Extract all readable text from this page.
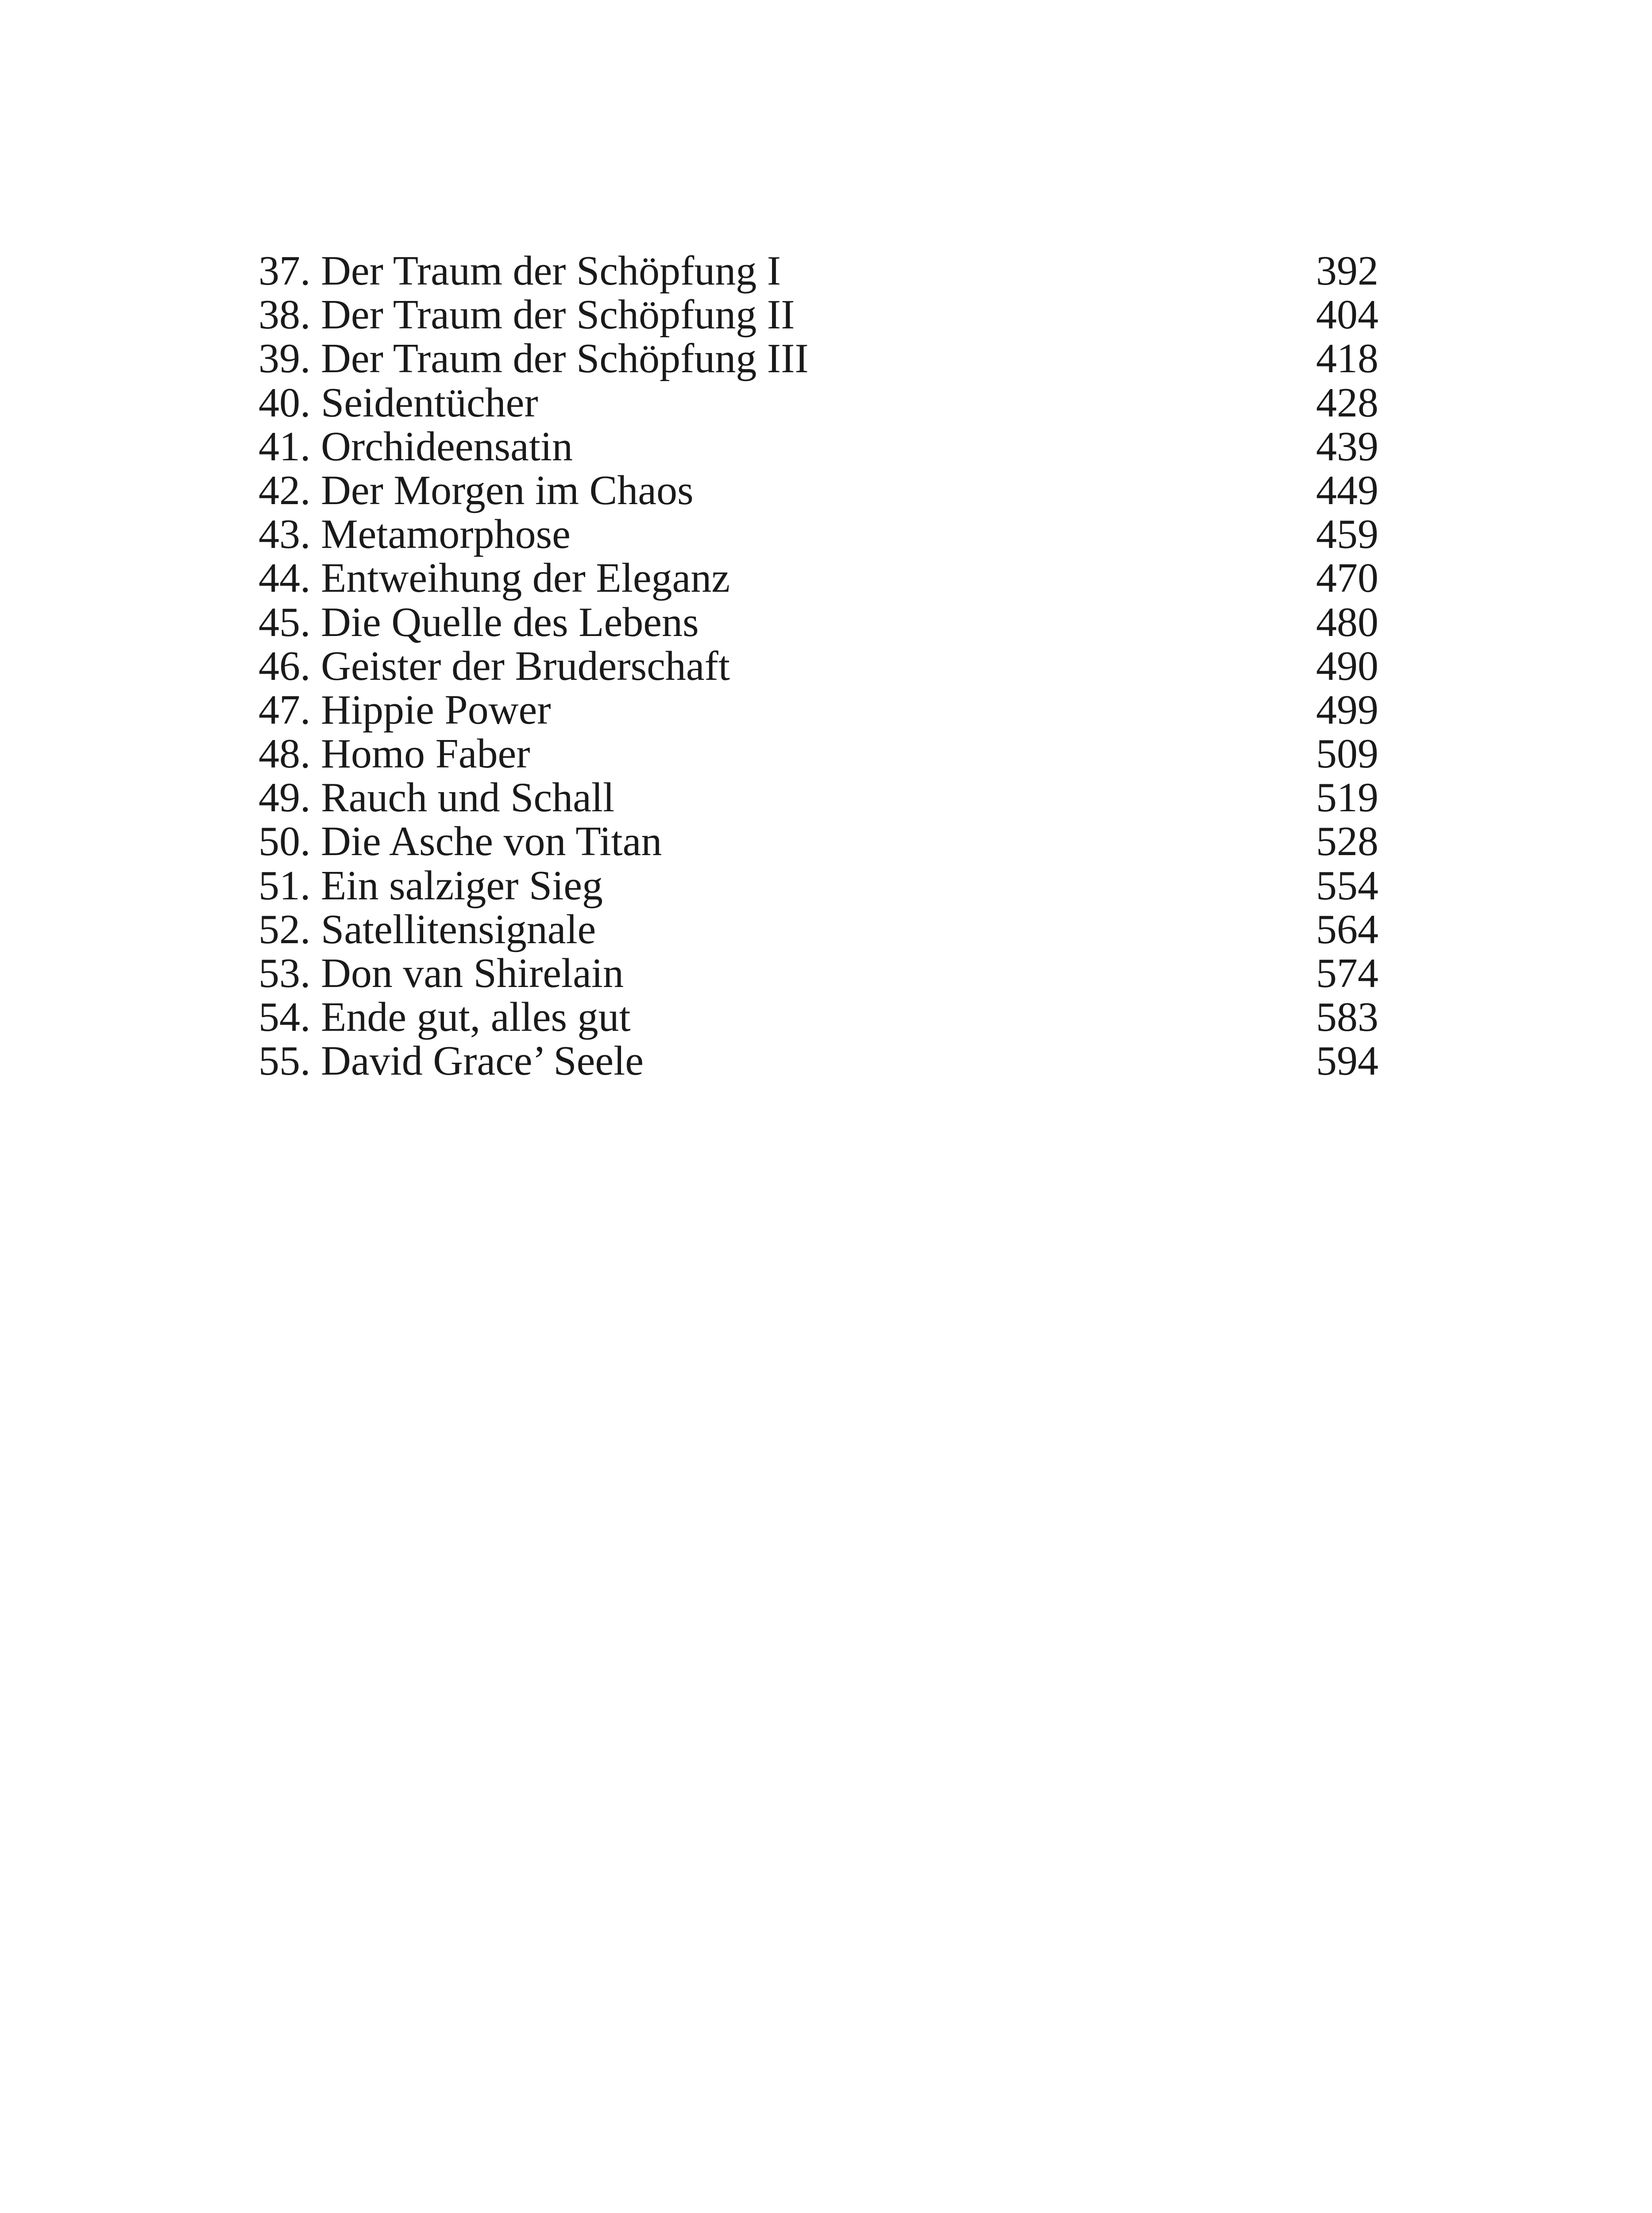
37. Der Traum der Schöpfung I	392
38. Der Traum der Schöpfung II	404
39. Der Traum der Schöpfung III	418
40. Seidentücher	428
41. Orchideensatin	439
42. Der Morgen im Chaos	449
43. Metamorphose	459
44. Entweihung der Eleganz	470
45. Die Quelle des Lebens	480
46. Geister der Bruderschaft	490
47. Hippie Power	499
48. Homo Faber	509
49. Rauch und Schall	519
50. Die Asche von Titan	528
51. Ein salziger Sieg	554
52. Satellitensignale	564
53. Don van Shirelain	574
54. Ende gut, alles gut	583
55. David Grace’ Seele	594
